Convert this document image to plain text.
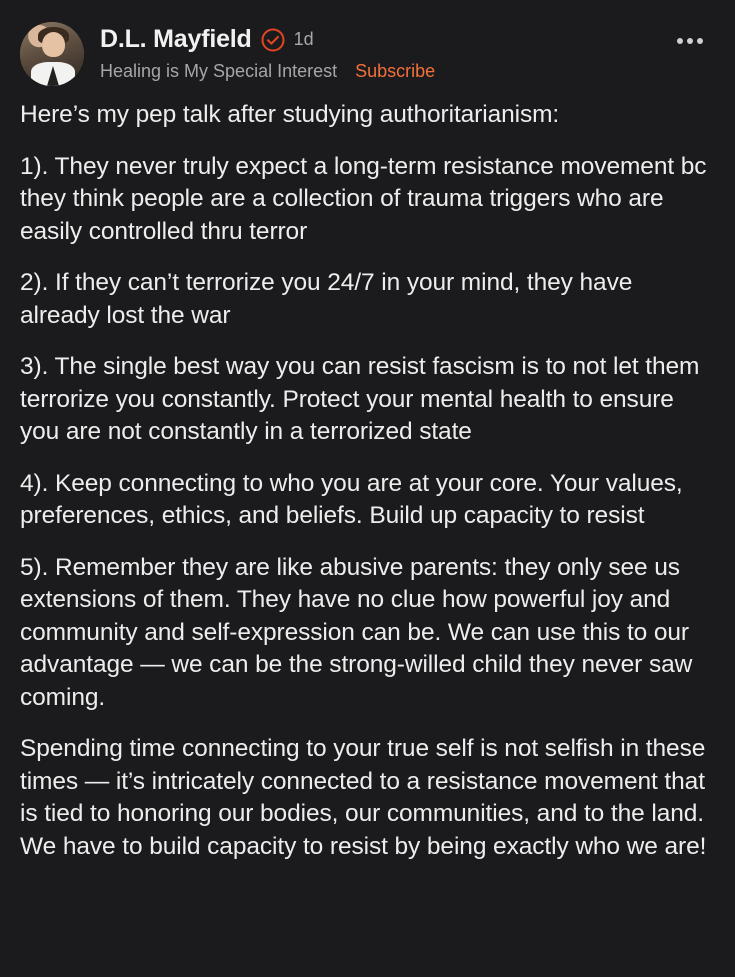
D.L. Mayfield 1d
Healing is My Special Interest Subscribe

Here’s my pep talk after studying authoritarianism:

1). They never truly expect a long-term resistance movement bc they think people are a collection of trauma triggers who are easily controlled thru terror

2). If they can’t terrorize you 24/7 in your mind, they have already lost the war

3). The single best way you can resist fascism is to not let them terrorize you constantly. Protect your mental health to ensure you are not constantly in a terrorized state

4). Keep connecting to who you are at your core. Your values, preferences, ethics, and beliefs. Build up capacity to resist

5). Remember they are like abusive parents: they only see us extensions of them. They have no clue how powerful joy and community and self-expression can be. We can use this to our advantage — we can be the strong-willed child they never saw coming.

Spending time connecting to your true self is not selfish in these times — it’s intricately connected to a resistance movement that is tied to honoring our bodies, our communities, and to the land. We have to build capacity to resist by being exactly who we are!
